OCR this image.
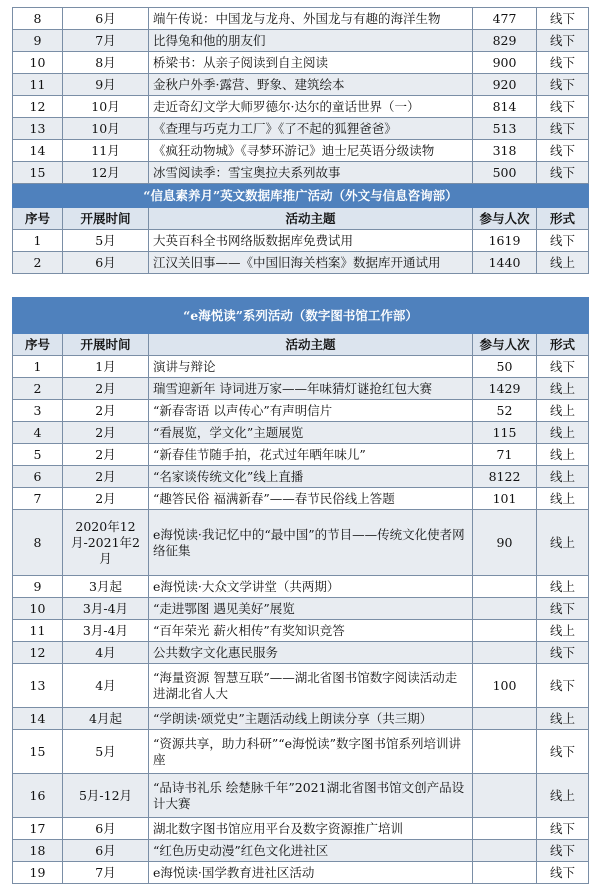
8	6月	端午传说：中国龙与龙舟、外国龙与有趣的海洋生物	477	线下
9	7月	比得兔和他的朋友们	829	线下
10	8月	桥梁书：从亲子阅读到自主阅读	900	线下
11	9月	金秋户外季·露营、野象、建筑绘本	920	线下
12	10月	走近奇幻文学大师罗德尔·达尔的童话世界（一）	814	线下
13	10月	《查理与巧克力工厂》《了不起的狐狸爸爸》	513	线下
14	11月	《疯狂动物城》《寻梦环游记》迪士尼英语分级读物	318	线下
15	12月	冰雪阅读季：雪宝奥拉夫系列故事	500	线下
“信息素养月”英文数据库推广活动（外文与信息咨询部）				
序号	开展时间	活动主题	参与人次	形式
1	5月	大英百科全书网络版数据库免费试用	1619	线下
2	6月	江汉关旧事——《中国旧海关档案》数据库开通试用	1440	线上
“e海悦读”系列活动（数字图书馆工作部）				
序号	开展时间	活动主题	参与人次	形式
1	1月	演讲与辩论	50	线下
2	2月	瑞雪迎新年 诗词进万家——年味猜灯谜抢红包大赛	1429	线上
3	2月	“新春寄语 以声传心”有声明信片	52	线上
4	2月	“看展览，学文化”主题展览	115	线上
5	2月	“新春佳节随手拍，花式过年晒年味儿”	71	线上
6	2月	“名家谈传统文化”线上直播	8122	线上
7	2月	“趣答民俗 福满新春”——春节民俗线上答题	101	线上
8	2020年12月-2021年2月	e海悦读·我记忆中的“最中国”的节目——传统文化使者网络征集	90	线上
9	3月起	e海悦读·大众文学讲堂（共两期）		线上
10	3月-4月	“走进鄂图 遇见美好”展览		线下
11	3月-4月	“百年荣光 薪火相传”有奖知识竞答		线上
12	4月	公共数字文化惠民服务		线下
13	4月	“海量资源 智慧互联”——湖北省图书馆数字阅读活动走进湖北省人大	100	线下
14	4月起	“学朗读·颂党史”主题活动线上朗读分享（共三期）		线上
15	5月	“资源共享，助力科研”“e海悦读”数字图书馆系列培训讲座		线下
16	5月-12月	“品诗书礼乐 绘楚脉千年”2021湖北省图书馆文创产品设计大赛		线上
17	6月	湖北数字图书馆应用平台及数字资源推广培训		线下
18	6月	“红色历史动漫”红色文化进社区		线下
19	7月	e海悦读·国学教育进社区活动		线下
